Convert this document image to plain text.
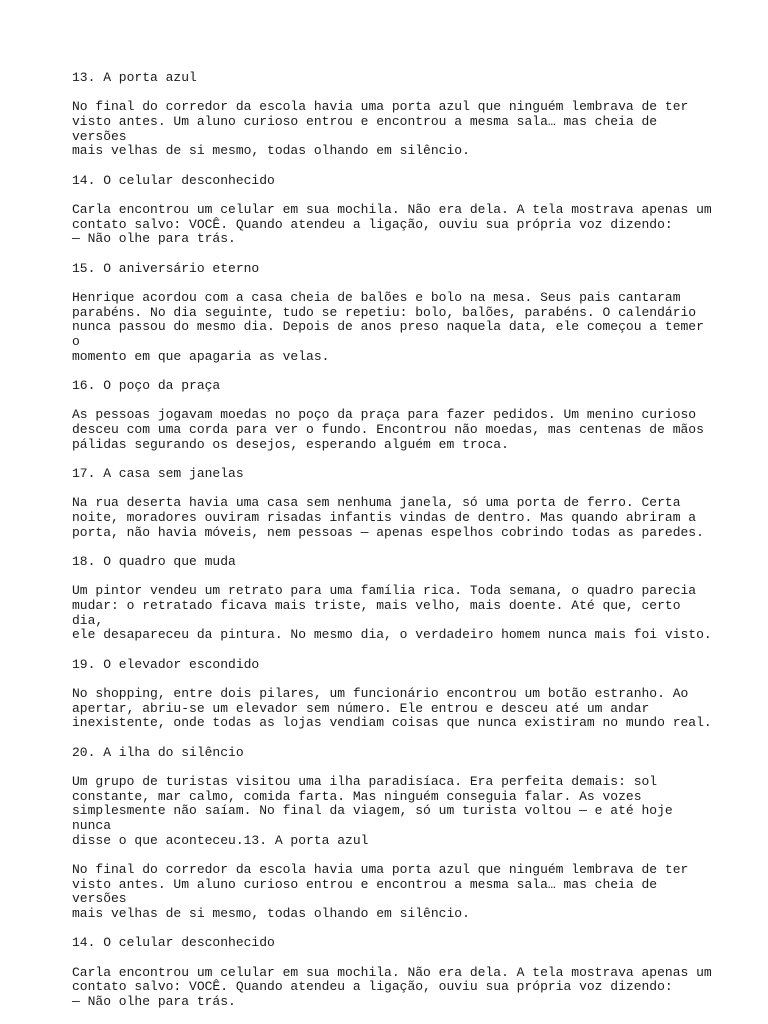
13. A porta azul

No final do corredor da escola havia uma porta azul que ninguém lembrava de ter
visto antes. Um aluno curioso entrou e encontrou a mesma sala… mas cheia de versões
mais velhas de si mesmo, todas olhando em silêncio.

14. O celular desconhecido

Carla encontrou um celular em sua mochila. Não era dela. A tela mostrava apenas um
contato salvo: VOCÊ. Quando atendeu a ligação, ouviu sua própria voz dizendo:
— Não olhe para trás.

15. O aniversário eterno

Henrique acordou com a casa cheia de balões e bolo na mesa. Seus pais cantaram
parabéns. No dia seguinte, tudo se repetiu: bolo, balões, parabéns. O calendário
nunca passou do mesmo dia. Depois de anos preso naquela data, ele começou a temer o
momento em que apagaria as velas.

16. O poço da praça

As pessoas jogavam moedas no poço da praça para fazer pedidos. Um menino curioso
desceu com uma corda para ver o fundo. Encontrou não moedas, mas centenas de mãos
pálidas segurando os desejos, esperando alguém em troca.

17. A casa sem janelas

Na rua deserta havia uma casa sem nenhuma janela, só uma porta de ferro. Certa
noite, moradores ouviram risadas infantis vindas de dentro. Mas quando abriram a
porta, não havia móveis, nem pessoas — apenas espelhos cobrindo todas as paredes.

18. O quadro que muda

Um pintor vendeu um retrato para uma família rica. Toda semana, o quadro parecia
mudar: o retratado ficava mais triste, mais velho, mais doente. Até que, certo dia,
ele desapareceu da pintura. No mesmo dia, o verdadeiro homem nunca mais foi visto.

19. O elevador escondido

No shopping, entre dois pilares, um funcionário encontrou um botão estranho. Ao
apertar, abriu-se um elevador sem número. Ele entrou e desceu até um andar
inexistente, onde todas as lojas vendiam coisas que nunca existiram no mundo real.

20. A ilha do silêncio

Um grupo de turistas visitou uma ilha paradisíaca. Era perfeita demais: sol
constante, mar calmo, comida farta. Mas ninguém conseguia falar. As vozes
simplesmente não saíam. No final da viagem, só um turista voltou — e até hoje nunca
disse o que aconteceu.13. A porta azul

No final do corredor da escola havia uma porta azul que ninguém lembrava de ter
visto antes. Um aluno curioso entrou e encontrou a mesma sala… mas cheia de versões
mais velhas de si mesmo, todas olhando em silêncio.

14. O celular desconhecido

Carla encontrou um celular em sua mochila. Não era dela. A tela mostrava apenas um
contato salvo: VOCÊ. Quando atendeu a ligação, ouviu sua própria voz dizendo:
— Não olhe para trás.
